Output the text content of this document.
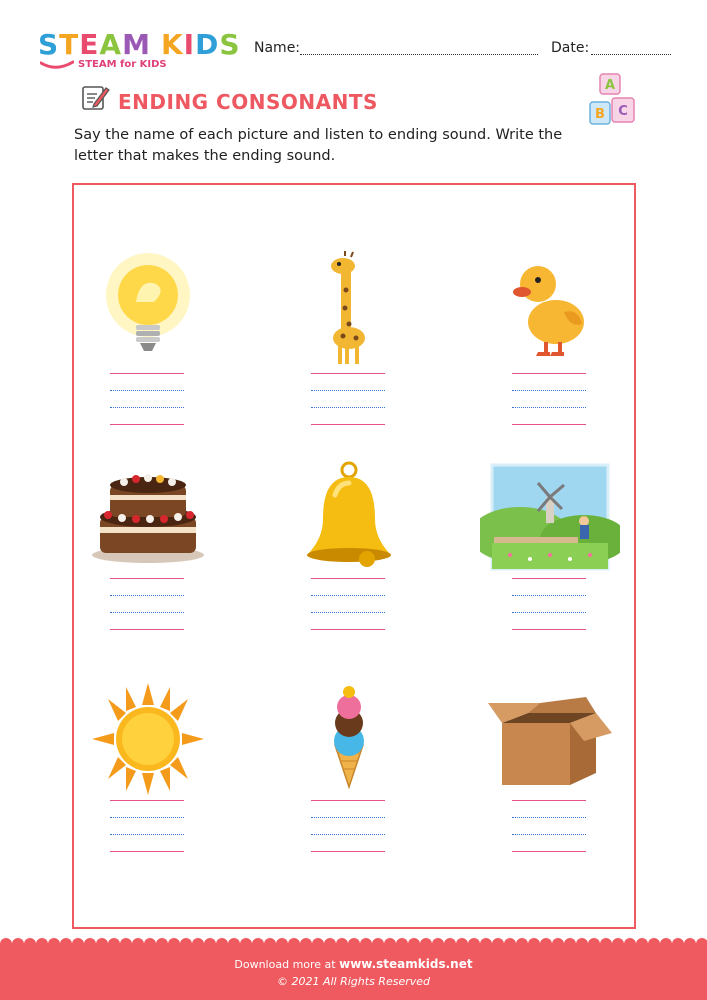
STEAM KIDS
STEAM for KIDS
Name:	Date:
ENDING CONSONANTS
A
B C
Say the name of each picture and listen to ending sound. Write the letter that makes the ending sound.
Download more at www.steamkids.net
© 2021 All Rights Reserved
